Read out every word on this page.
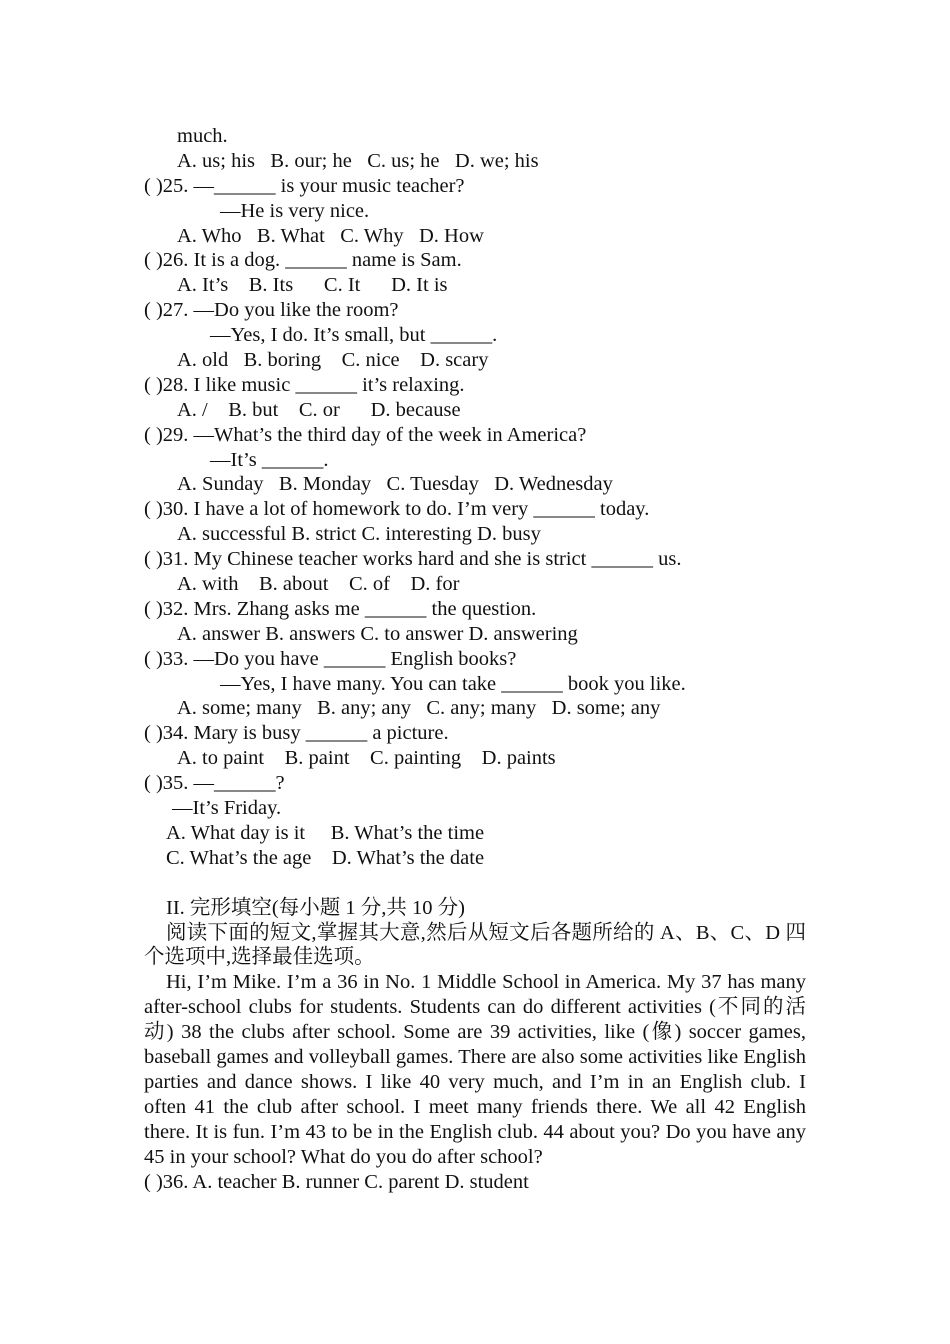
much.
A. us; his   B. our; he   C. us; he   D. we; his
( )25. —______ is your music teacher?
—He is very nice.
A. Who   B. What   C. Why   D. How
( )26. It is a dog. ______ name is Sam.
A. It’s    B. Its      C. It      D. It is
( )27. —Do you like the room?
—Yes, I do. It’s small, but ______.
A. old   B. boring    C. nice    D. scary
( )28. I like music ______ it’s relaxing.
A. /    B. but    C. or      D. because
( )29. —What’s the third day of the week in America?
—It’s ______.
A. Sunday   B. Monday   C. Tuesday   D. Wednesday
( )30. I have a lot of homework to do. I’m very ______ today.
A. successful B. strict C. interesting D. busy
( )31. My Chinese teacher works hard and she is strict ______ us.
A. with    B. about    C. of    D. for
( )32. Mrs. Zhang asks me ______ the question.
A. answer B. answers C. to answer D. answering
( )33. —Do you have ______ English books?
—Yes, I have many. You can take ______ book you like.
A. some; many   B. any; any   C. any; many   D. some; any
( )34. Mary is busy ______ a picture.
A. to paint    B. paint    C. painting    D. paints
( )35. —______?
—It’s Friday.
A. What day is it     B. What’s the time
C. What’s the age    D. What’s the date
II. 完形填空(每小题 1 分,共 10 分)
阅读下面的短文,掌握其大意,然后从短文后各题所给的 A、B、C、D 四个选项中,选择最佳选项。
Hi, I’m Mike. I’m a 36 in No. 1 Middle School in America. My 37 has many after-school clubs for students. Students can do different activities (不同的活动) 38 the clubs after school. Some are 39 activities, like (像) soccer games, baseball games and volleyball games. There are also some activities like English parties and dance shows. I like 40 very much, and I’m in an English club. I often 41 the club after school. I meet many friends there. We all 42 English there. It is fun. I’m 43 to be in the English club. 44 about you? Do you have any 45 in your school? What do you do after school?
( )36. A. teacher B. runner C. parent D. student
